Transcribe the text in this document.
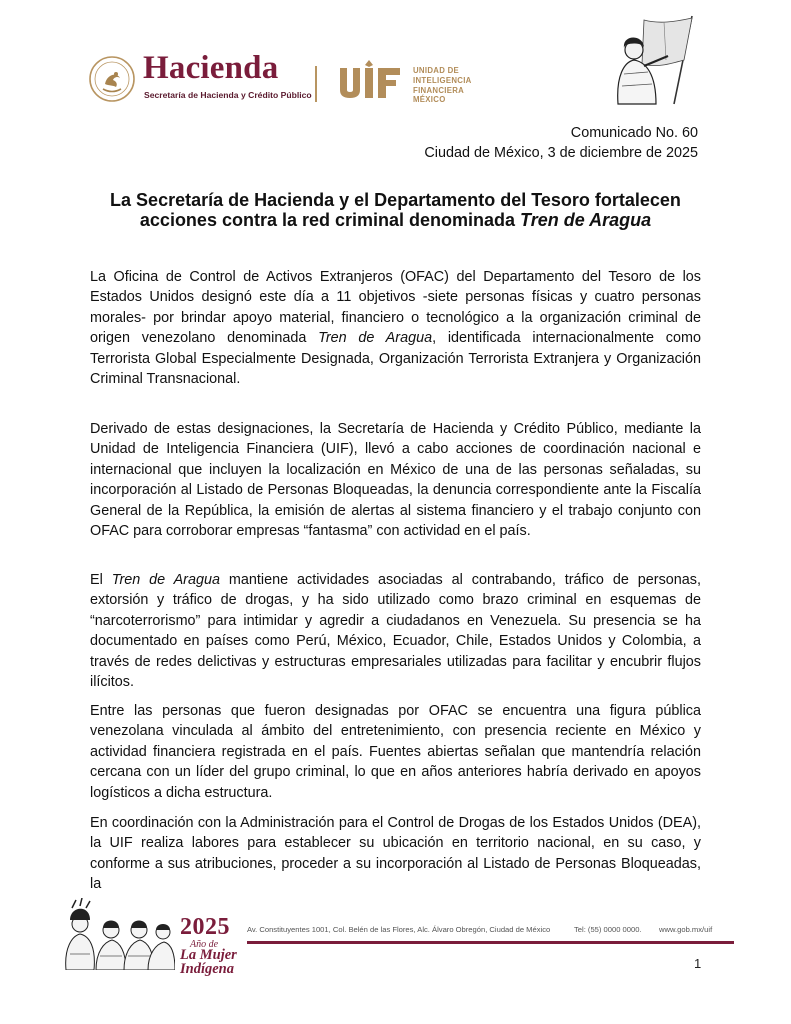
Hacienda
Secretaría de Hacienda y Crédito Público
UIF
UNIDAD DE
INTELIGENCIA
FINANCIERA
MÉXICO
Comunicado No. 60
Ciudad de México, 3 de diciembre de 2025
La Secretaría de Hacienda y el Departamento del Tesoro fortalecen acciones contra la red criminal denominada Tren de Aragua
La Oficina de Control de Activos Extranjeros (OFAC) del Departamento del Tesoro de los Estados Unidos designó este día a 11 objetivos -siete personas físicas y cuatro personas morales- por brindar apoyo material, financiero o tecnológico a la organización criminal de origen venezolano denominada Tren de Aragua, identificada internacionalmente como Terrorista Global Especialmente Designada, Organización Terrorista Extranjera y Organización Criminal Transnacional.
Derivado de estas designaciones, la Secretaría de Hacienda y Crédito Público, mediante la Unidad de Inteligencia Financiera (UIF), llevó a cabo acciones de coordinación nacional e internacional que incluyen la localización en México de una de las personas señaladas, su incorporación al Listado de Personas Bloqueadas, la denuncia correspondiente ante la Fiscalía General de la República, la emisión de alertas al sistema financiero y el trabajo conjunto con OFAC para corroborar empresas “fantasma” con actividad en el país.
El Tren de Aragua mantiene actividades asociadas al contrabando, tráfico de personas, extorsión y tráfico de drogas, y ha sido utilizado como brazo criminal en esquemas de “narcoterrorismo” para intimidar y agredir a ciudadanos en Venezuela. Su presencia se ha documentado en países como Perú, México, Ecuador, Chile, Estados Unidos y Colombia, a través de redes delictivas y estructuras empresariales utilizadas para facilitar y encubrir flujos ilícitos.
Entre las personas que fueron designadas por OFAC se encuentra una figura pública venezolana vinculada al ámbito del entretenimiento, con presencia reciente en México y actividad financiera registrada en el país. Fuentes abiertas señalan que mantendría relación cercana con un líder del grupo criminal, lo que en años anteriores habría derivado en apoyos logísticos a dicha estructura.
En coordinación con la Administración para el Control de Drogas de los Estados Unidos (DEA), la UIF realiza labores para establecer su ubicación en territorio nacional, en su caso, y conforme a sus atribuciones, proceder a su incorporación al Listado de Personas Bloqueadas, la
2025
Año de
La Mujer
Indígena
Av. Constituyentes 1001, Col. Belén de las Flores, Alc. Álvaro Obregón, Ciudad de México	Tel: (55) 0000 0000. www.gob.mx/uif
1
